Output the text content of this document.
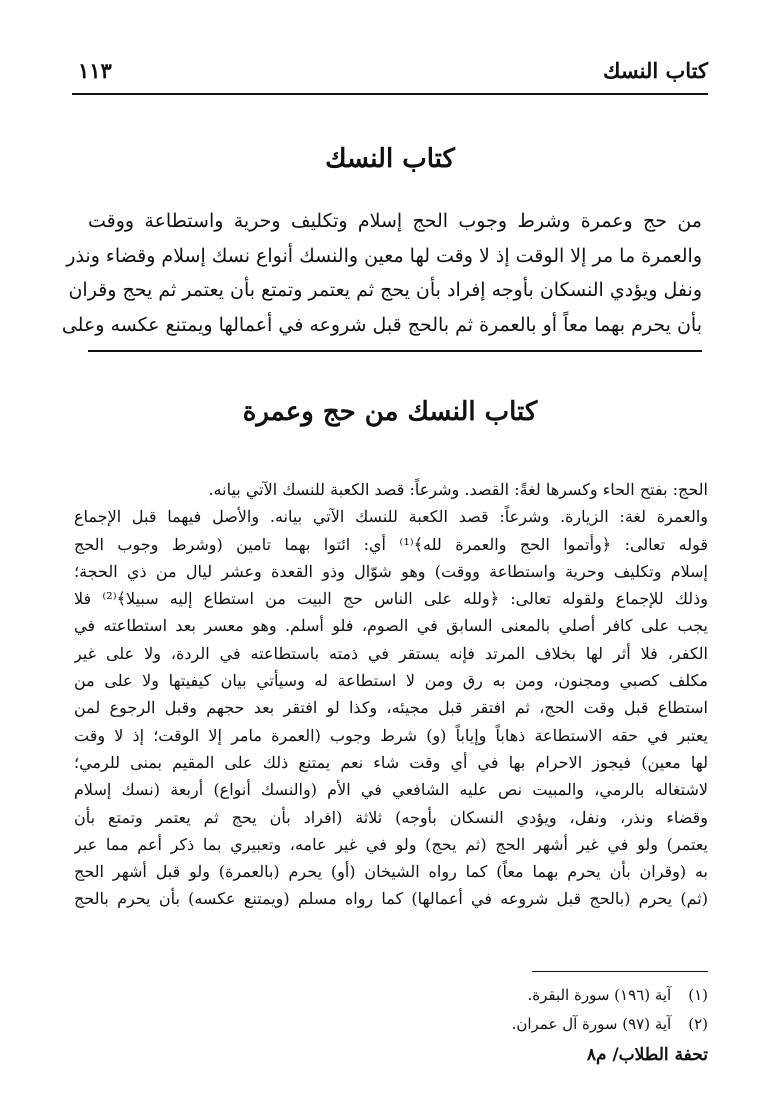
كتاب النسك
١١٣
كتاب النسك

من حج وعمرة وشرط وجوب الحج إسلام وتكليف وحرية واستطاعة ووقت
والعمرة ما مر إلا الوقت إذ لا وقت لها معين والنسك أنواع نسك إسلام وقضاء ونذر
ونفل ويؤدي النسكان بأوجه إفراد بأن يحج ثم يعتمر وتمتع بأن يعتمر ثم يحج وقران
بأن يحرم بهما معاً أو بالعمرة ثم بالحج قبل شروعه في أعمالها ويمتنع عكسه وعلى

كتاب النسك من حج وعمرة

الحج: بفتح الحاء وكسرها لغةً: القصد. وشرعاً: قصد الكعبة للنسك الآتي بيانه.
والعمرة لغة: الزيارة. وشرعاً: قصد الكعبة للنسك الآتي بيانه. والأصل فيهما قبل الإجماع
قوله تعالى: ﴿وأتموا الحج والعمرة لله﴾⁽¹⁾ أي: ائتوا بهما تامين (وشرط وجوب الحج
إسلام وتكليف وحرية واستطاعة ووقت) وهو شوّال وذو القعدة وعشر ليال من ذي الحجة؛
وذلك للإجماع ولقوله تعالى: ﴿ولله على الناس حج البيت من استطاع إليه سبيلا﴾⁽²⁾ فلا
يجب على كافر أصلي بالمعنى السابق في الصوم، فلو أسلم. وهو معسر بعد استطاعته في
الكفر، فلا أثر لها بخلاف المرتد فإنه يستقر في ذمته باستطاعته في الردة، ولا على غير
مكلف كصبي ومجنون، ومن به رق ومن لا استطاعة له وسيأتي بيان كيفيتها ولا على من
استطاع قبل وقت الحج، ثم افتقر قبل مجيئه، وكذا لو افتقر بعد حجهم وقبل الرجوع لمن
يعتبر في حقه الاستطاعة ذهاباً وإياباً (و) شرط وجوب (العمرة مامر إلا الوقت؛ إذ لا وقت
لها معين) فيجوز الاحرام بها في أي وقت شاء نعم يمتنع ذلك على المقيم بمنى للرمي؛
لاشتغاله بالرمي، والمبيت نص عليه الشافعي في الأم (والنسك أنواع) أربعة (نسك إسلام
وقضاء ونذر، ونفل، ويؤدي النسكان بأوجه) ثلاثة (افراد بأن يحج ثم يعتمر وتمتع بأن
يعتمر) ولو في غير أشهر الحج (ثم يحج) ولو في غير عامه، وتعبيري بما ذكر أعم مما عبر
به (وقران بأن يحرم بهما معاً) كما رواه الشيخان (أو) يحرم (بالعمرة) ولو قبل أشهر الحج
(ثم) يحرم (بالحج قبل شروعه في أعمالها) كما رواه مسلم (ويمتنع عكسه) بأن يحرم بالحج

(١) آية (١٩٦) سورة البقرة.
(٢) آية (٩٧) سورة آل عمران.
تحفة الطلاب/ م٨
